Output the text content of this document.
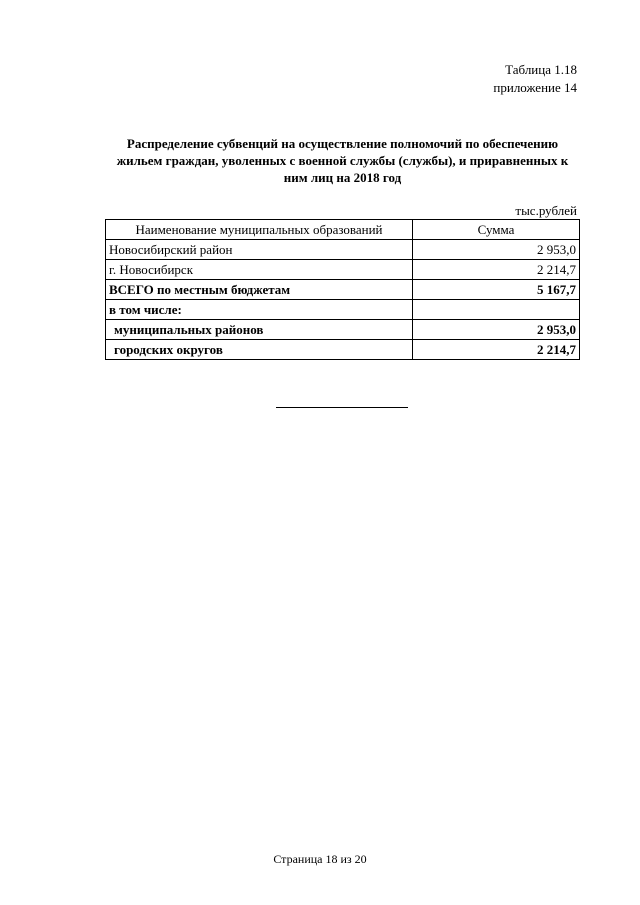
Таблица 1.18
приложение 14
Распределение субвенций на осуществление полномочий по обеспечению жильем граждан, уволенных с военной службы (службы), и приравненных к ним лиц на 2018 год
тыс.рублей
Наименование муниципальных образований	Сумма
Новосибирский район	2 953,0
г. Новосибирск	2 214,7
ВСЕГО по местным бюджетам	5 167,7
в том числе:	
муниципальных районов	2 953,0
городских округов	2 214,7
Страница 18 из 20
